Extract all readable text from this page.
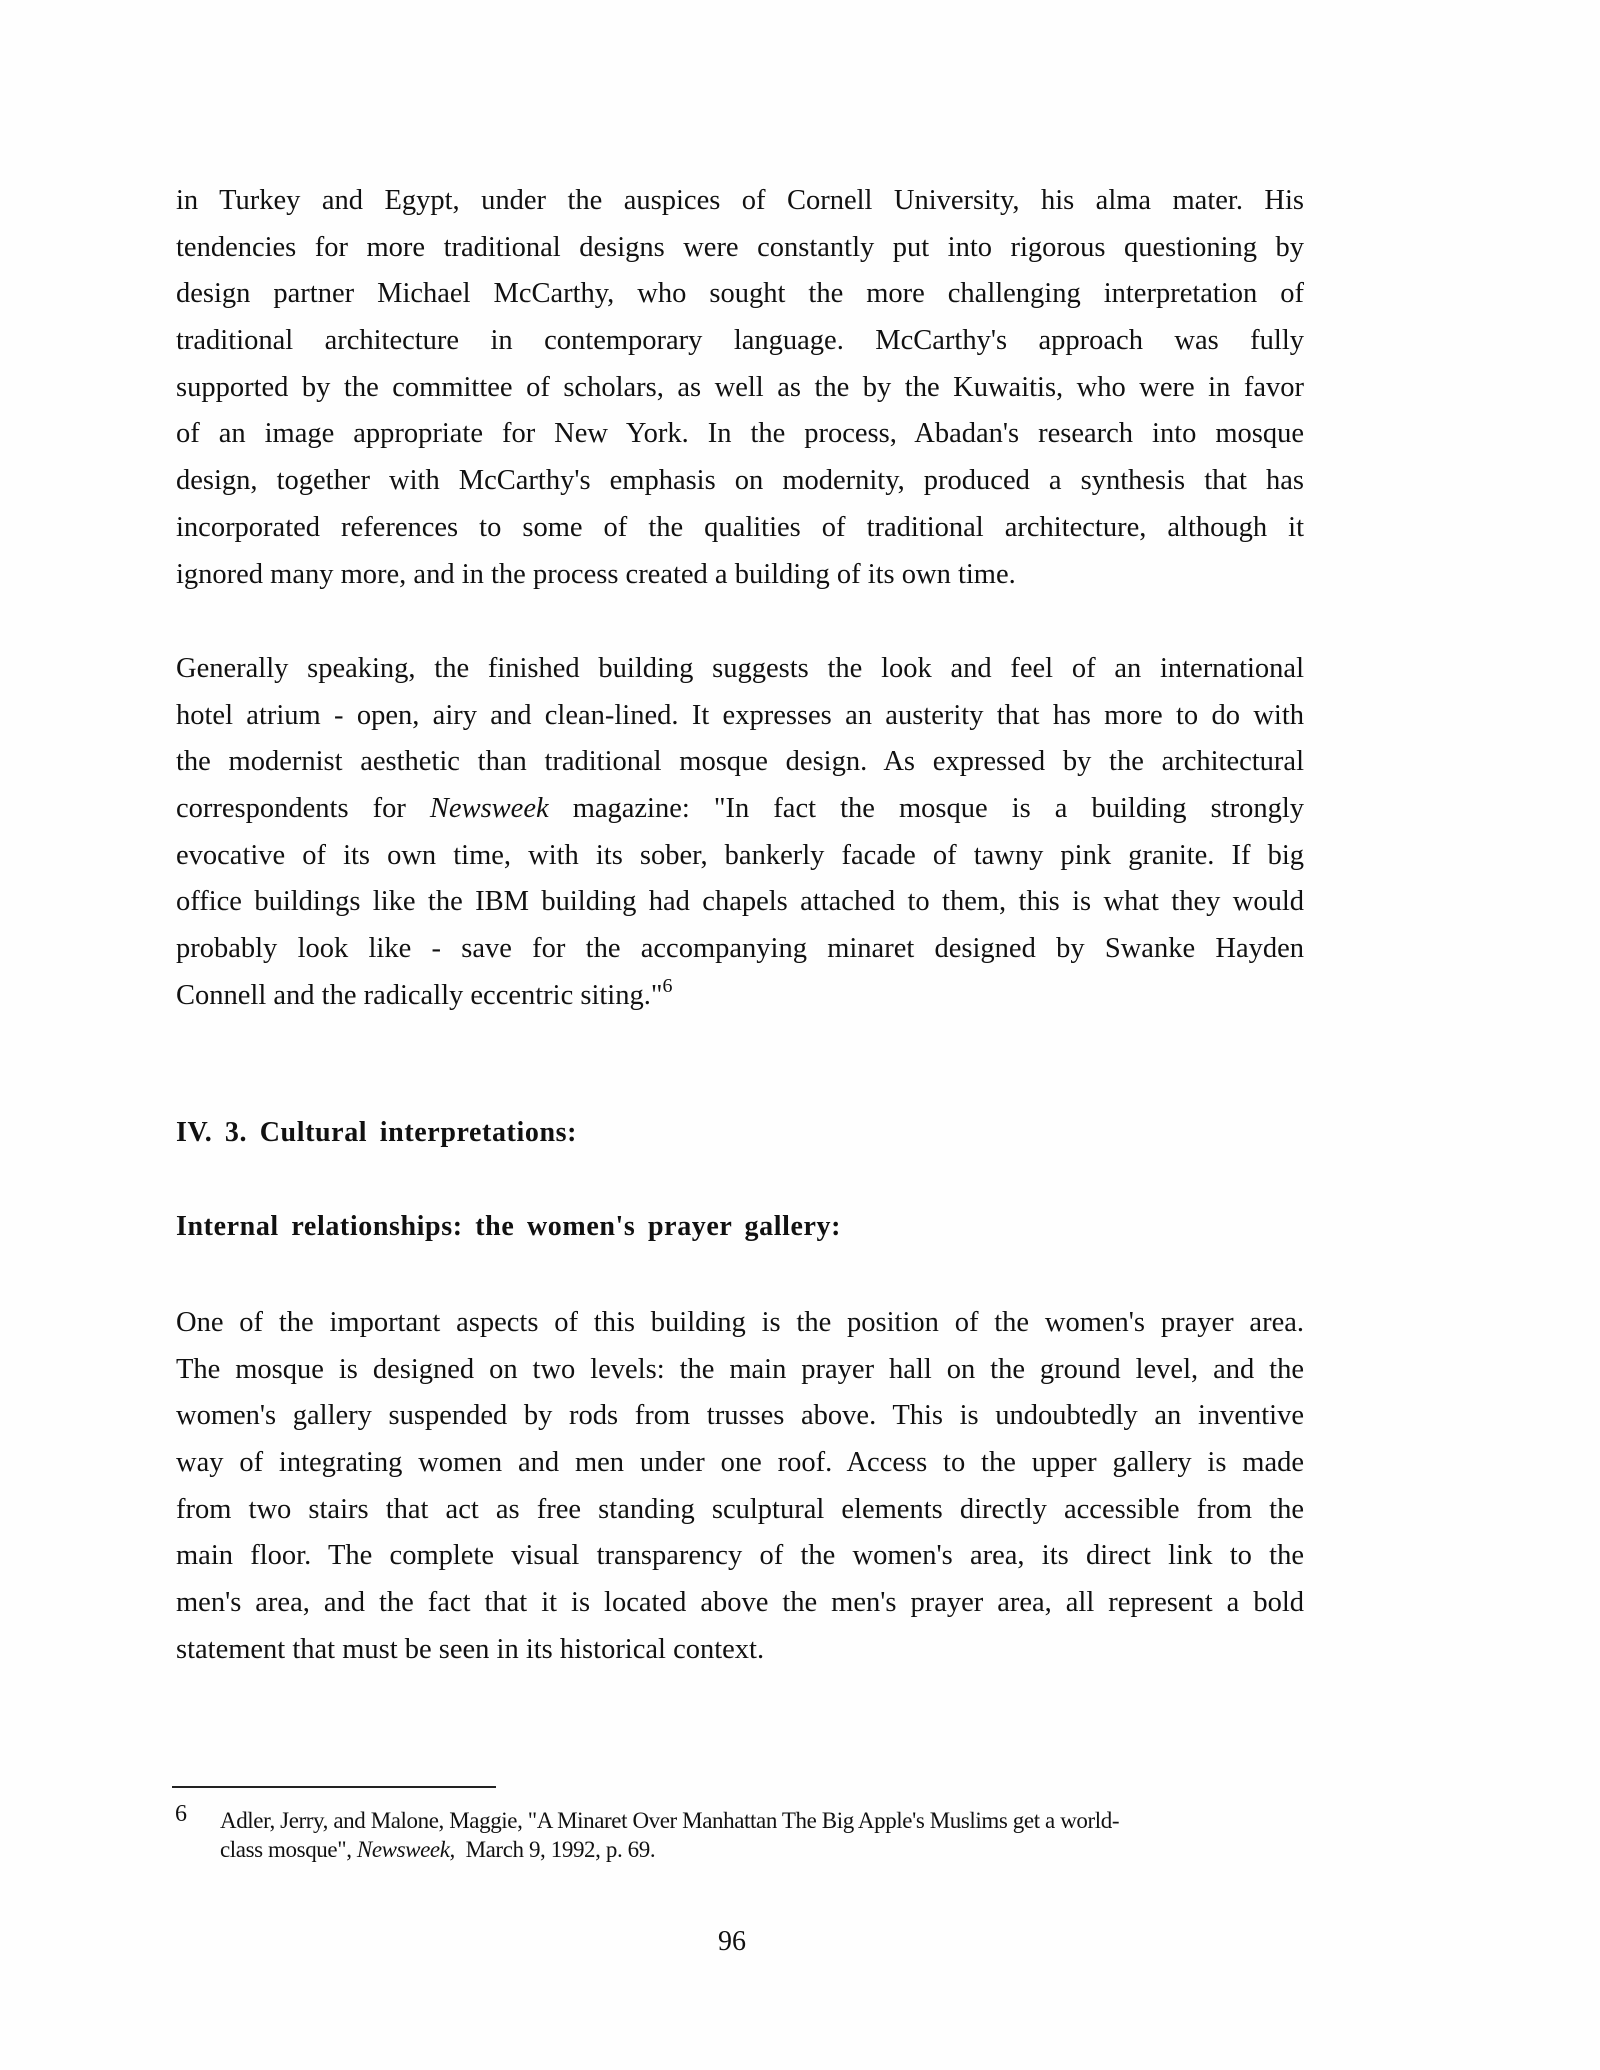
in Turkey and Egypt, under the auspices of Cornell University, his alma mater. His
tendencies for more traditional designs were constantly put into rigorous questioning by
design partner Michael McCarthy, who sought the more challenging interpretation of
traditional architecture in contemporary language. McCarthy's approach was fully
supported by the committee of scholars, as well as the by the Kuwaitis, who were in favor
of an image appropriate for New York. In the process, Abadan's research into mosque
design, together with McCarthy's emphasis on modernity, produced a synthesis that has
incorporated references to some of the qualities of traditional architecture, although it
ignored many more, and in the process created a building of its own time.
Generally speaking, the finished building suggests the look and feel of an international
hotel atrium - open, airy and clean-lined. It expresses an austerity that has more to do with
the modernist aesthetic than traditional mosque design. As expressed by the architectural
correspondents for Newsweek magazine: "In fact the mosque is a building strongly
evocative of its own time, with its sober, bankerly facade of tawny pink granite. If big
office buildings like the IBM building had chapels attached to them, this is what they would
probably look like - save for the accompanying minaret designed by Swanke Hayden
Connell and the radically eccentric siting."$^6$
IV. 3. Cultural interpretations:
Internal relationships: the women's prayer gallery:
One of the important aspects of this building is the position of the women's prayer area.
The mosque is designed on two levels: the main prayer hall on the ground level, and the
women's gallery suspended by rods from trusses above. This is undoubtedly an inventive
way of integrating women and men under one roof. Access to the upper gallery is made
from two stairs that act as free standing sculptural elements directly accessible from the
main floor. The complete visual transparency of the women's area, its direct link to the
men's area, and the fact that it is located above the men's prayer area, all represent a bold
statement that must be seen in its historical context.
6 Adler, Jerry, and Malone, Maggie, "A Minaret Over Manhattan The Big Apple's Muslims get a world-
class mosque", Newsweek,  March 9, 1992, p. 69.
96
